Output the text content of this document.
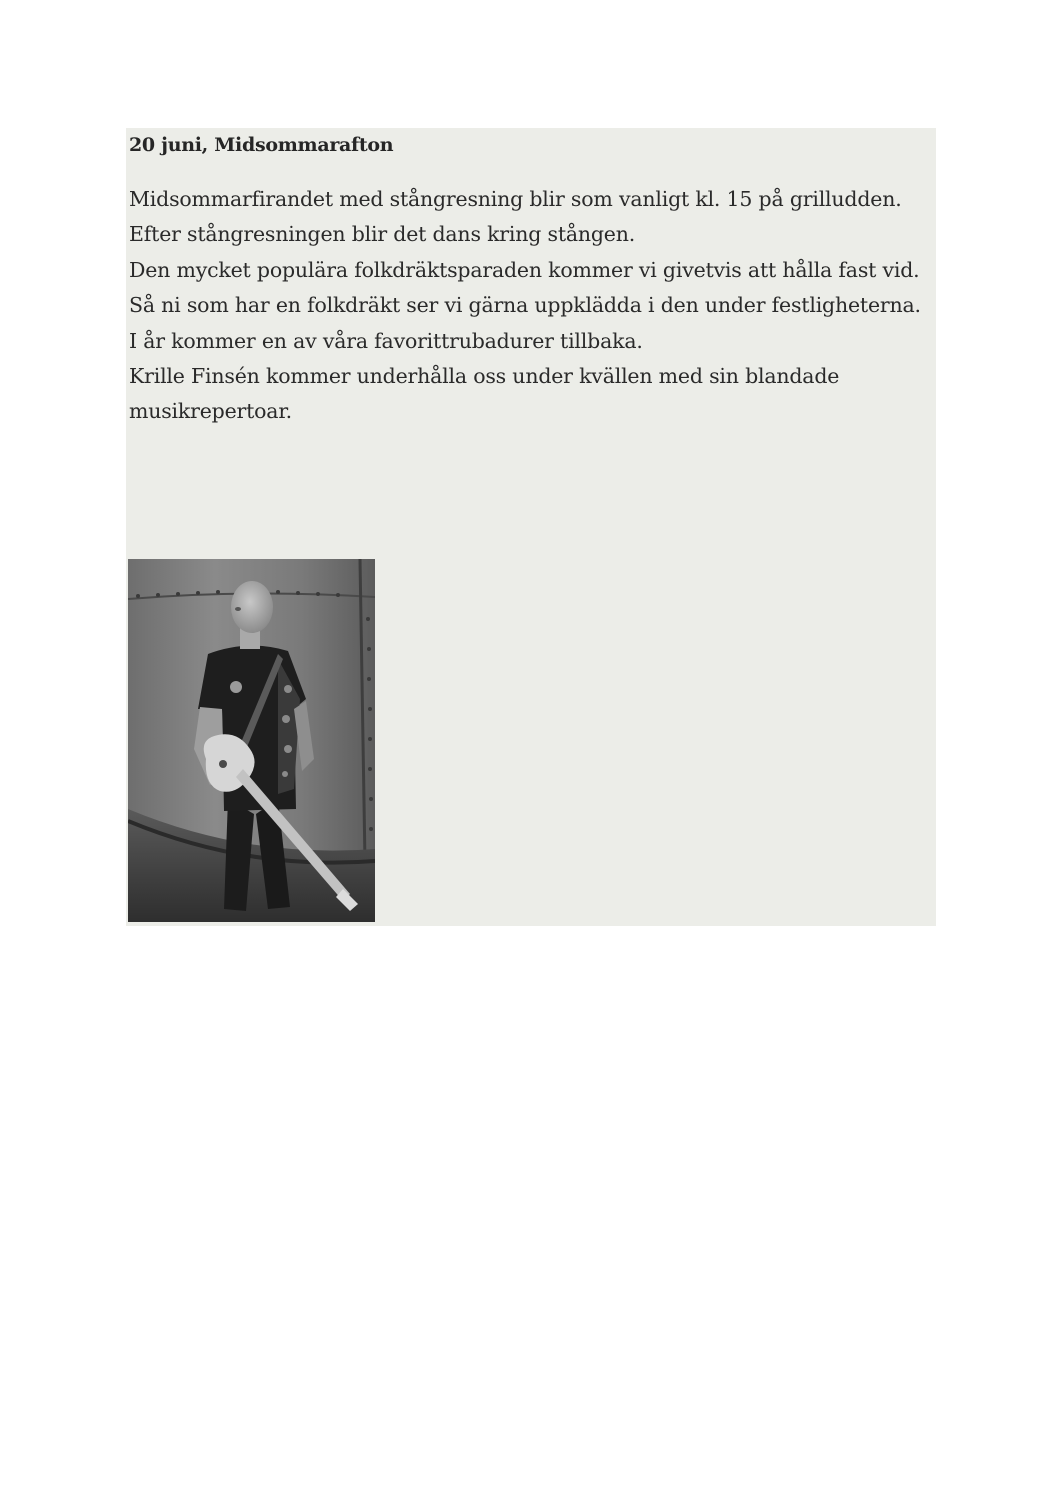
20 juni, Midsommarafton

Midsommarfirandet med stångresning blir som vanligt kl. 15 på grilludden.

Efter stångresningen blir det dans kring stången.

Den mycket populära folkdräktsparaden kommer vi givetvis att hålla fast vid.

Så ni som har en folkdräkt ser vi gärna uppklädda i den under festligheterna.

I år kommer en av våra favorittrubadurer tillbaka.

Krille Finsén kommer underhålla oss under kvällen med sin blandade musikrepertoar.
